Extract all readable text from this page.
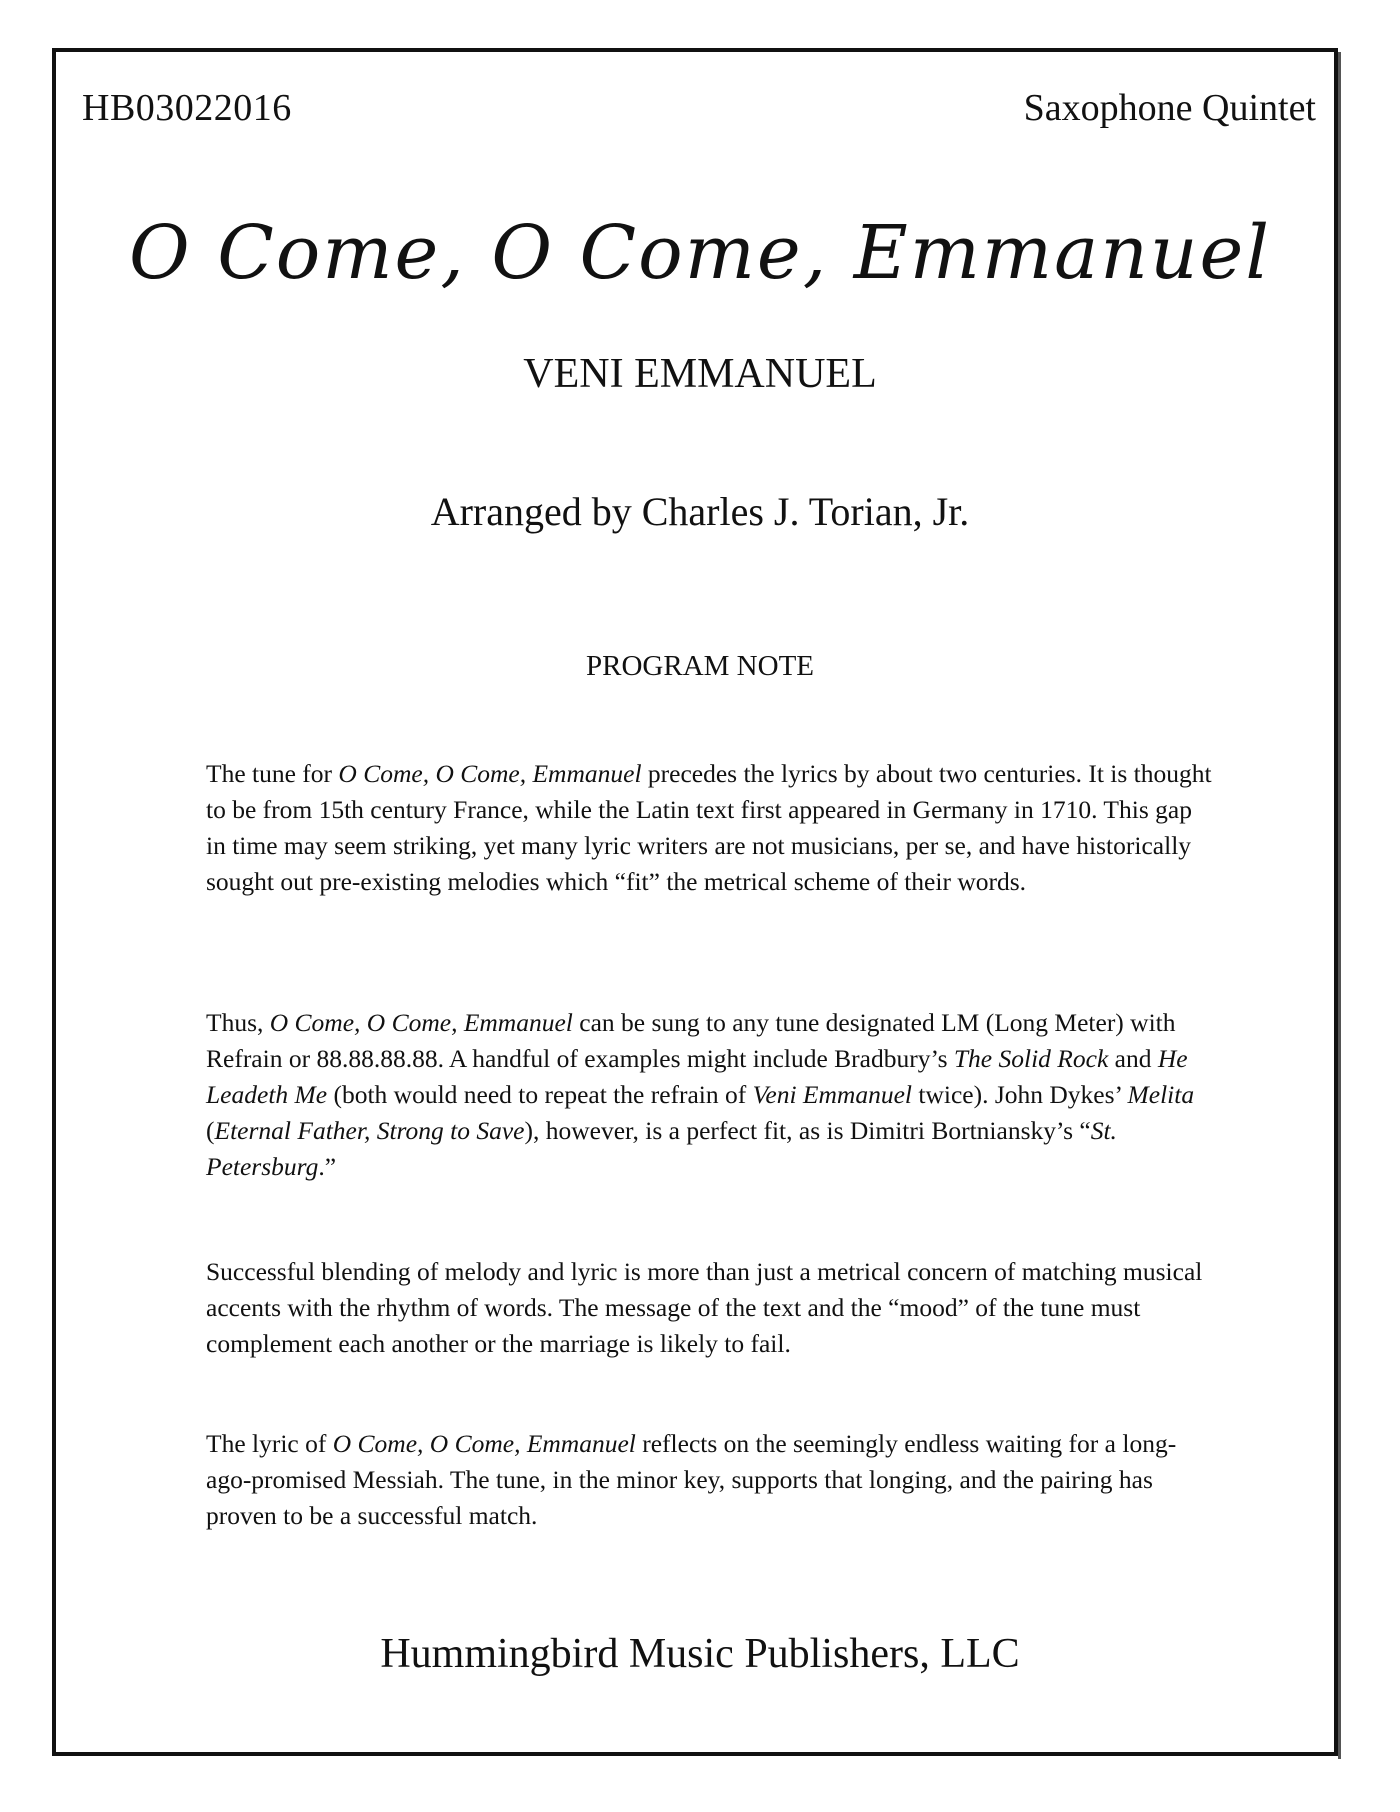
HB03022016	Saxophone Quintet
O Come, O Come, Emmanuel
VENI EMMANUEL
Arranged by Charles J. Torian, Jr.
PROGRAM NOTE
The tune for O Come, O Come, Emmanuel precedes the lyrics by about two centuries. It is thought to be from 15th century France, while the Latin text first appeared in Germany in 1710. This gap in time may seem striking, yet many lyric writers are not musicians, per se, and have historically sought out pre-existing melodies which “fit” the metrical scheme of their words.
Thus, O Come, O Come, Emmanuel can be sung to any tune designated LM (Long Meter) with Refrain or 88.88.88.88. A handful of examples might include Bradbury’s The Solid Rock and He Leadeth Me (both would need to repeat the refrain of Veni Emmanuel twice). John Dykes’ Melita (Eternal Father, Strong to Save), however, is a perfect fit, as is Dimitri Bortniansky’s “St. Petersburg.”
Successful blending of melody and lyric is more than just a metrical concern of matching musical accents with the rhythm of words. The message of the text and the “mood” of the tune must complement each another or the marriage is likely to fail.
The lyric of O Come, O Come, Emmanuel reflects on the seemingly endless waiting for a long-ago-promised Messiah. The tune, in the minor key, supports that longing, and the pairing has proven to be a successful match.
Hummingbird Music Publishers, LLC
